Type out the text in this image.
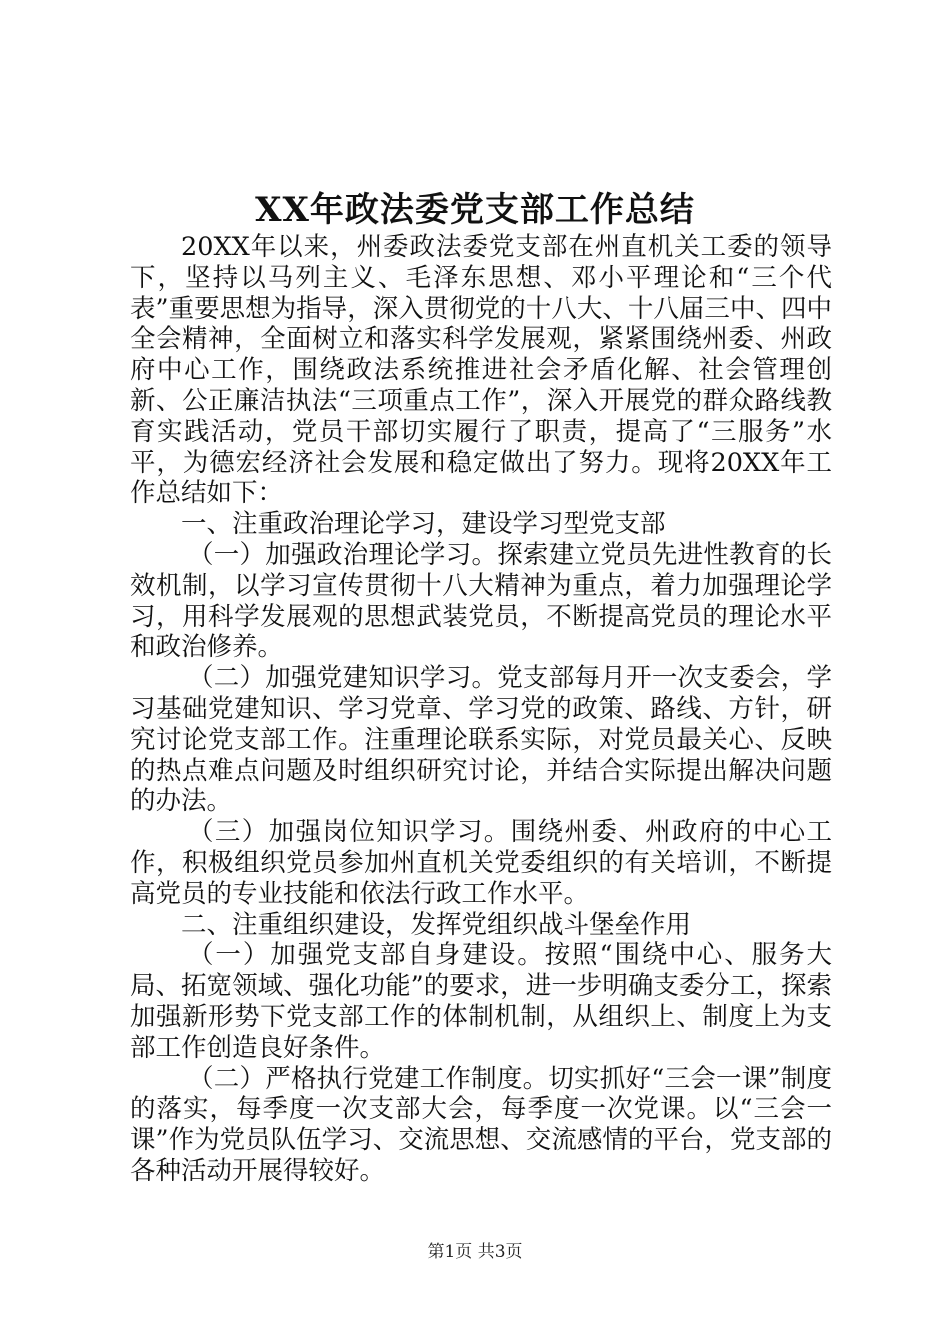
XX年政法委党支部工作总结

20XX年以来，州委政法委党支部在州直机关工委的领导下，坚持以马列主义、毛泽东思想、邓小平理论和“三个代表”重要思想为指导，深入贯彻党的十八大、十八届三中、四中全会精神，全面树立和落实科学发展观，紧紧围绕州委、州政府中心工作，围绕政法系统推进社会矛盾化解、社会管理创新、公正廉洁执法“三项重点工作”，深入开展党的群众路线教育实践活动，党员干部切实履行了职责，提高了“三服务”水平，为德宏经济社会发展和稳定做出了努力。现将20XX年工作总结如下：

一、注重政治理论学习，建设学习型党支部

（一）加强政治理论学习。探索建立党员先进性教育的长效机制，以学习宣传贯彻十八大精神为重点，着力加强理论学习，用科学发展观的思想武装党员，不断提高党员的理论水平和政治修养。

（二）加强党建知识学习。党支部每月开一次支委会，学习基础党建知识、学习党章、学习党的政策、路线、方针，研究讨论党支部工作。注重理论联系实际，对党员最关心、反映的热点难点问题及时组织研究讨论，并结合实际提出解决问题的办法。

（三）加强岗位知识学习。围绕州委、州政府的中心工作，积极组织党员参加州直机关党委组织的有关培训，不断提高党员的专业技能和依法行政工作水平。

二、注重组织建设，发挥党组织战斗堡垒作用

（一）加强党支部自身建设。按照“围绕中心、服务大局、拓宽领域、强化功能”的要求，进一步明确支委分工，探索加强新形势下党支部工作的体制机制，从组织上、制度上为支部工作创造良好条件。

（二）严格执行党建工作制度。切实抓好“三会一课”制度的落实，每季度一次支部大会，每季度一次党课。以“三会一课”作为党员队伍学习、交流思想、交流感情的平台，党支部的各种活动开展得较好。

第1页 共3页
